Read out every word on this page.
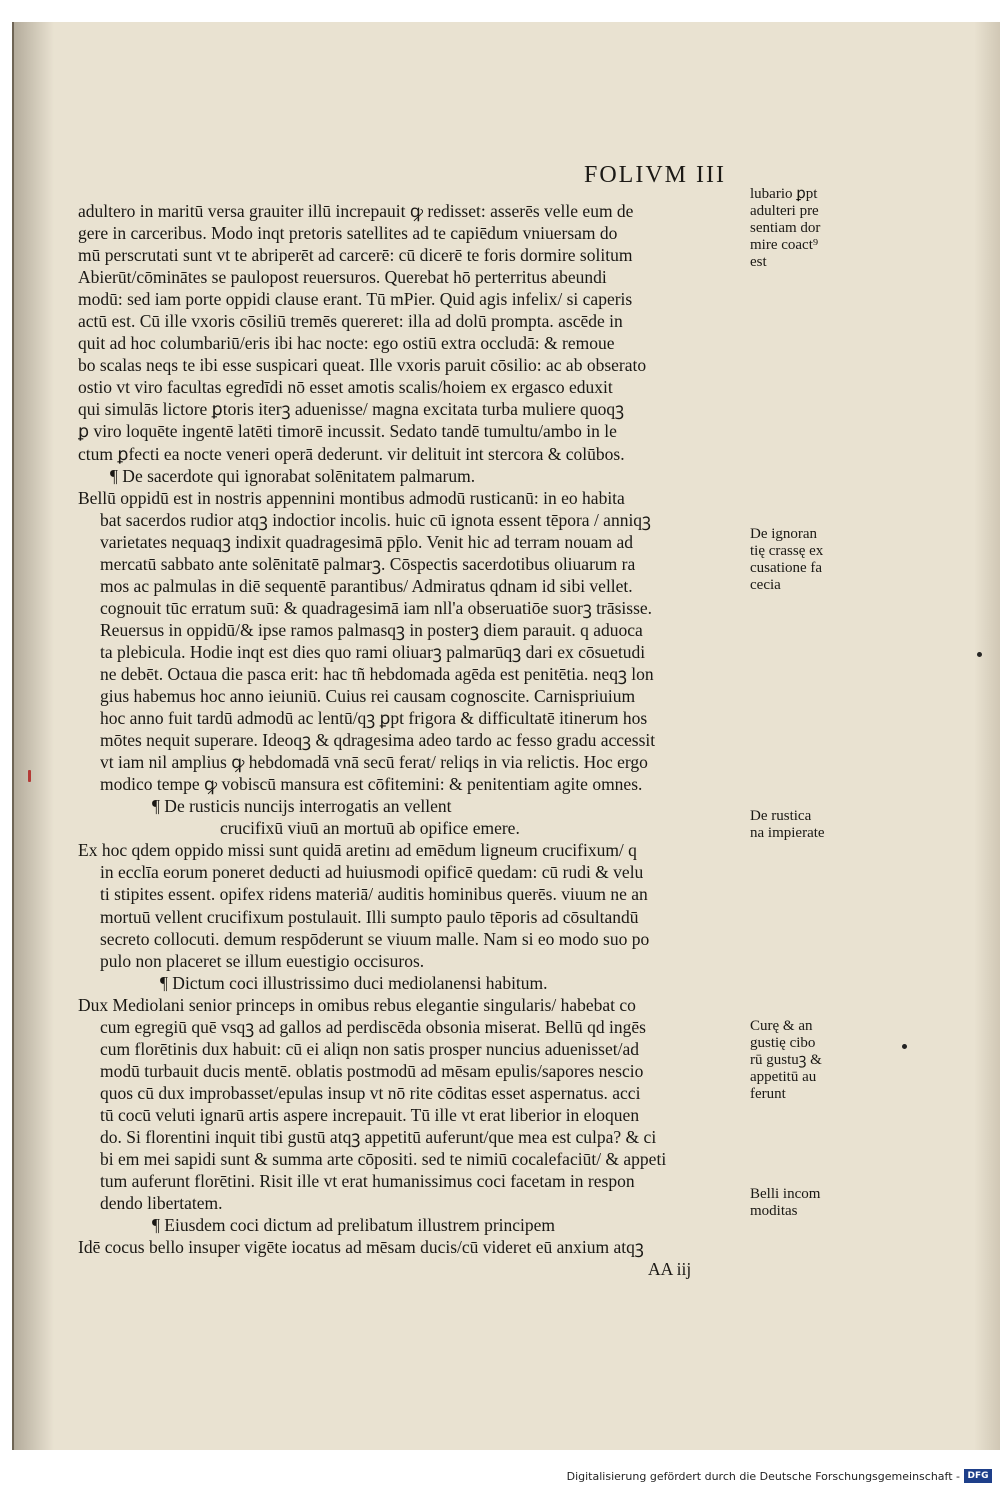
FOLIVM III
adultero in maritū versa grauiter illū increpauit ꝙ redisset: asserēs velle eum de
gere in carceribus. Modo inqt pretoris satellites ad te capiēdum vniuersam do
mū perscrutati sunt vt te abriperēt ad carcerē: cū dicerē te foris dormire solitum
Abierūt/cōminātes se paulopost reuersuros. Querebat hō perterritus abeundi
modū: sed iam porte oppidi clause erant. Tū mPier. Quid agis infelix/ si caperis
actū est. Cū ille vxoris cōsiliū tremēs quereret: illa ad dolū prompta. ascēde in
quit ad hoc columbariū/eris ibi hac nocte: ego ostiū extra occludā: & remoue
bo scalas neqs te ibi esse suspicari queat. Ille vxoris paruit cōsilio: ac ab obserato
ostio vt viro facultas egredīdi nō esset amotis scalis/hoiem ex ergasco eduxit
qui simulās lictore ꝑtoris iterꝫ aduenisse/ magna excitata turba muliere quoqꝫ
ꝑ viro loquēte ingentē latēti timorē incussit. Sedato tandē tumultu/ambo in le
ctum ꝑfecti ea nocte veneri operā dederunt. vir delituit int stercora & colūbos.
¶ De sacerdote qui ignorabat solēnitatem palmarum.
Bellū oppidū est in nostris appennini montibus admodū rusticanū: in eo habita
bat sacerdos rudior atqꝫ indoctior incolis. huic cū ignota essent tēpora / anniqꝫ
varietates nequaqꝫ indixit quadragesimā pp̄lo. Venit hic ad terram nouam ad
mercatū sabbato ante solēnitatē palmarꝫ. Cōspectis sacerdotibus oliuarum ra
mos ac palmulas in diē sequentē parantibus/ Admiratus qdnam id sibi vellet.
cognouit tūc erratum suū: & quadragesimā iam nll'a obseruatiōe suorꝫ trāsisse.
Reuersus in oppidū/& ipse ramos palmasqꝫ in posterꝫ diem parauit. q aduoca
ta plebicula. Hodie inqt est dies quo rami oliuarꝫ palmarūqꝫ dari ex cōsuetudi
ne debēt. Octaua die pasca erit: hac tñ hebdomada agēda est penitētia. neqꝫ lon
gius habemus hoc anno ieiuniū. Cuius rei causam cognoscite. Carnispriuium
hoc anno fuit tardū admodū ac lentū/qꝫ ꝑpt frigora & difficultatē itinerum hos
mōtes nequit superare. Ideoqꝫ & qdragesima adeo tardo ac fesso gradu accessit
vt iam nil amplius ꝙ hebdomadā vnā secū ferat/ reliqs in via relictis. Hoc ergo
modico tempe ꝙ vobiscū mansura est cōfitemini: & penitentiam agite omnes.
¶ De rusticis nuncijs interrogatis an vellent
crucifixū viuū an mortuū ab opifice emere.
Ex hoc qdem oppido missi sunt quidā aretinı ad emēdum ligneum crucifixum/ q
in ecclīa eorum poneret deducti ad huiusmodi opificē quedam: cū rudi & velu
ti stipites essent. opifex ridens materiā/ auditis hominibus querēs. viuum ne an
mortuū vellent crucifixum postulauit. Illi sumpto paulo tēporis ad cōsultandū
secreto collocuti. demum respōderunt se viuum malle. Nam si eo modo suo po
pulo non placeret se illum euestigio occisuros.
¶ Dictum coci illustrissimo duci mediolanensi habitum.
Dux Mediolani senior princeps in omibus rebus elegantie singularis/ habebat co
cum egregiū quē vsqꝫ ad gallos ad perdiscēda obsonia miserat. Bellū qd ingēs
cum florētinis dux habuit: cū ei aliqn non satis prosper nuncius aduenisset/ad
modū turbauit ducis mentē. oblatis postmodū ad mēsam epulis/sapores nescio
quos cū dux improbasset/epulas insup vt nō rite cōditas esset aspernatus. acci
tū cocū veluti ignarū artis aspere increpauit. Tū ille vt erat liberior in eloquen
do. Si florentini inquit tibi gustū atqꝫ appetitū auferunt/que mea est culpa? & ci
bi em mei sapidi sunt & summa arte cōpositi. sed te nimiū cocalefaciūt/ & appeti
tum auferunt florētini. Risit ille vt erat humanissimus coci facetam in respon
dendo libertatem.
¶ Eiusdem coci dictum ad prelibatum illustrem principem
Idē cocus bello insuper vigēte iocatus ad mēsam ducis/cū videret eū anxium atqꝫ
AA iij
lubario ꝑpt
adulteri pre
sentiam dor
mire coact⁹
est
De ignoran
tię crassę ex
cusatione fa
cecia
De rustica
na impierate
Curę & an
gustię cibo
rū gustuꝫ &
appetitū au
ferunt
Belli incom
moditas
Digitalisierung gefördert durch die Deutsche Forschungsgemeinschaft - DFG
